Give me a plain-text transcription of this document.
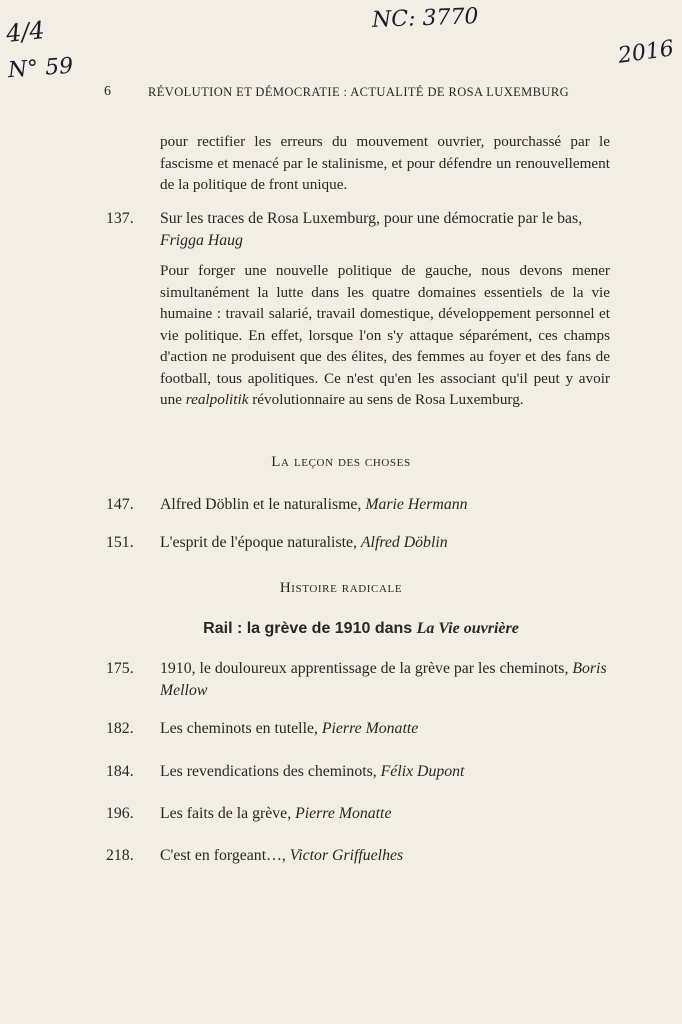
4/4
N° 59
NC: 3770
2016
6	RÉVOLUTION ET DÉMOCRATIE : ACTUALITÉ DE ROSA LUXEMBURG
pour rectifier les erreurs du mouvement ouvrier, pourchassé par le fascisme et menacé par le stalinisme, et pour défendre un renouvellement de la politique de front unique.
137.	Sur les traces de Rosa Luxemburg, pour une démocratie par le bas, Frigga Haug
Pour forger une nouvelle politique de gauche, nous devons mener simultanément la lutte dans les quatre domaines essentiels de la vie humaine : travail salarié, travail domestique, développement personnel et vie politique. En effet, lorsque l'on s'y attaque séparément, ces champs d'action ne produisent que des élites, des femmes au foyer et des fans de football, tous apolitiques. Ce n'est qu'en les associant qu'il peut y avoir une realpolitik révolutionnaire au sens de Rosa Luxemburg.
La leçon des choses
147.	Alfred Döblin et le naturalisme, Marie Hermann
151.	L'esprit de l'époque naturaliste, Alfred Döblin
Histoire radicale
Rail : la grève de 1910 dans La Vie ouvrière
175.	1910, le douloureux apprentissage de la grève par les cheminots, Boris Mellow
182.	Les cheminots en tutelle, Pierre Monatte
184.	Les revendications des cheminots, Félix Dupont
196.	Les faits de la grève, Pierre Monatte
218.	C'est en forgeant…, Victor Griffuelhes
